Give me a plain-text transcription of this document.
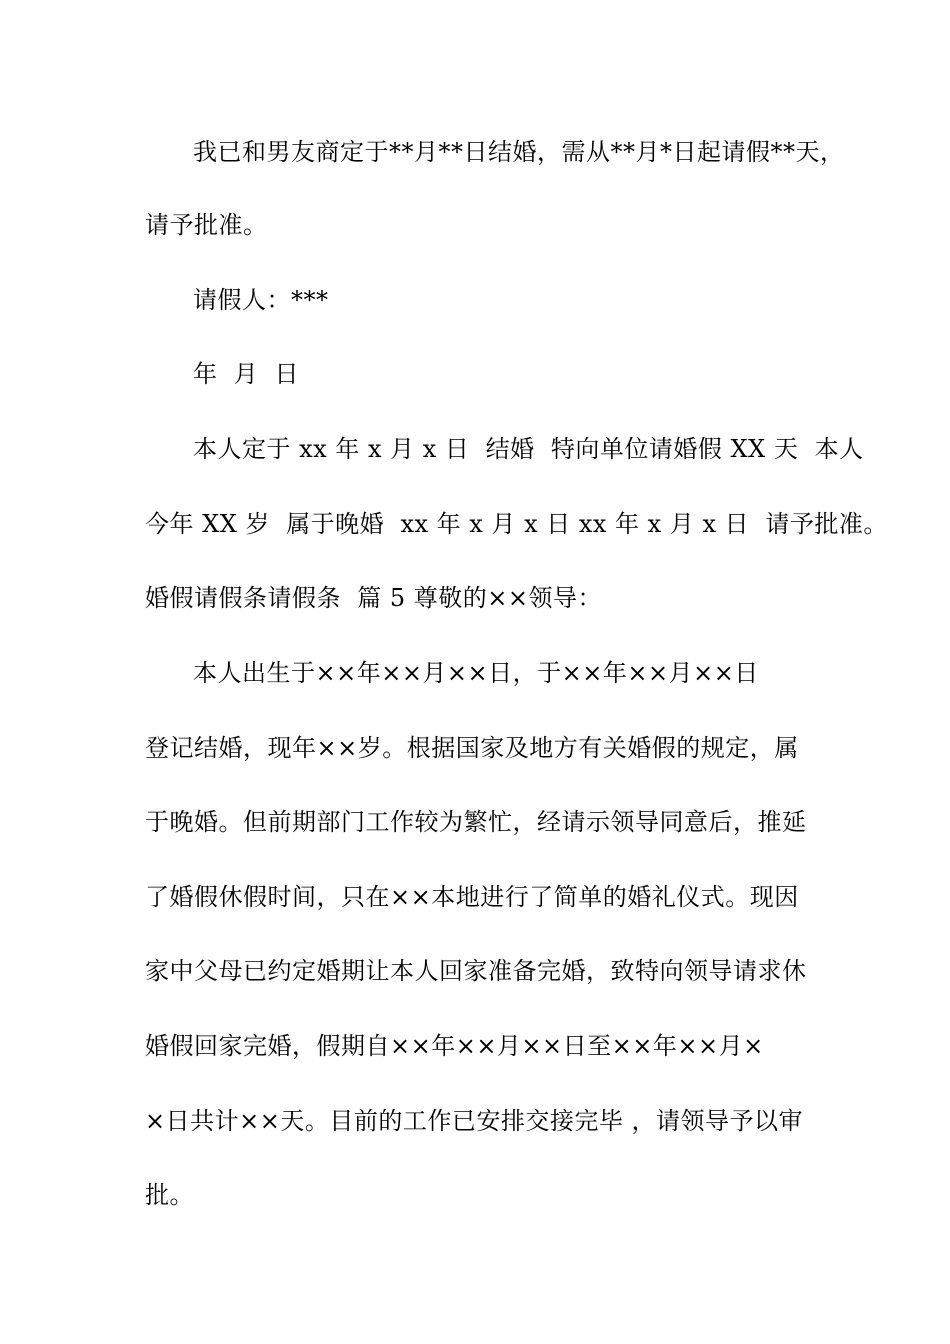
我已和男友商定于**月**日结婚，需从**月*日起请假**天，
请予批准。
请假人：***
年  月  日
本人定于 xx 年 x 月 x 日  结婚  特向单位请婚假 XX 天  本人
今年 XX 岁  属于晚婚  xx 年 x 月 x 日 xx 年 x 月 x 日  请予批准。
婚假请假条请假条  篇 5 尊敬的××领导：
本人出生于××年××月××日，于××年××月××日
登记结婚，现年××岁。根据国家及地方有关婚假的规定，属
于晚婚。但前期部门工作较为繁忙，经请示领导同意后，推延
了婚假休假时间，只在××本地进行了简单的婚礼仪式。现因
家中父母已约定婚期让本人回家准备完婚，致特向领导请求休
婚假回家完婚，假期自××年××月××日至××年××月×
×日共计××天。目前的工作已安排交接完毕 ，请领导予以审
批。
